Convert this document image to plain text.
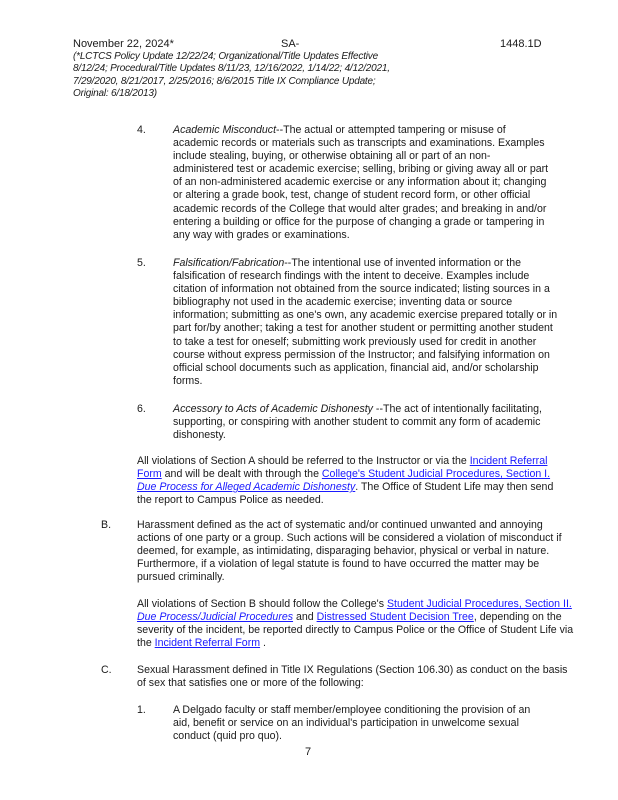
November 22, 2024*	SA-	1448.1D
(*LCTCS Policy Update 12/22/24; Organizational/Title Updates Effective 8/12/24; Procedural/Title Updates 8/11/23, 12/16/2022, 1/14/22; 4/12/2021, 7/29/2020, 8/21/2017, 2/25/2016; 8/6/2015 Title IX Compliance Update; Original: 6/18/2013)
4.	Academic Misconduct--The actual or attempted tampering or misuse of academic records or materials such as transcripts and examinations. Examples include stealing, buying, or otherwise obtaining all or part of an non-administered test or academic exercise; selling, bribing or giving away all or part of an non-administered academic exercise or any information about it; changing or altering a grade book, test, change of student record form, or other official academic records of the College that would alter grades; and breaking in and/or entering a building or office for the purpose of changing a grade or tampering in any way with grades or examinations.
5.	Falsification/Fabrication--The intentional use of invented information or the falsification of research findings with the intent to deceive. Examples include citation of information not obtained from the source indicated; listing sources in a bibliography not used in the academic exercise; inventing data or source information; submitting as one's own, any academic exercise prepared totally or in part for/by another; taking a test for another student or permitting another student to take a test for oneself; submitting work previously used for credit in another course without express permission of the Instructor; and falsifying information on official school documents such as application, financial aid, and/or scholarship forms.
6.	Accessory to Acts of Academic Dishonesty --The act of intentionally facilitating, supporting, or conspiring with another student to commit any form of academic dishonesty.
All violations of Section A should be referred to the Instructor or via the Incident Referral Form and will be dealt with through the College's Student Judicial Procedures, Section I. Due Process for Alleged Academic Dishonesty. The Office of Student Life may then send the report to Campus Police as needed.
B. Harassment defined as the act of systematic and/or continued unwanted and annoying actions of one party or a group. Such actions will be considered a violation of misconduct if deemed, for example, as intimidating, disparaging behavior, physical or verbal in nature. Furthermore, if a violation of legal statute is found to have occurred the matter may be pursued criminally.
All violations of Section B should follow the College's Student Judicial Procedures, Section II. Due Process/Judicial Procedures and Distressed Student Decision Tree, depending on the severity of the incident, be reported directly to Campus Police or the Office of Student Life via the Incident Referral Form .
C. Sexual Harassment defined in Title IX Regulations (Section 106.30) as conduct on the basis of sex that satisfies one or more of the following:
1.	A Delgado faculty or staff member/employee conditioning the provision of an aid, benefit or service on an individual's participation in unwelcome sexual conduct (quid pro quo).
7
